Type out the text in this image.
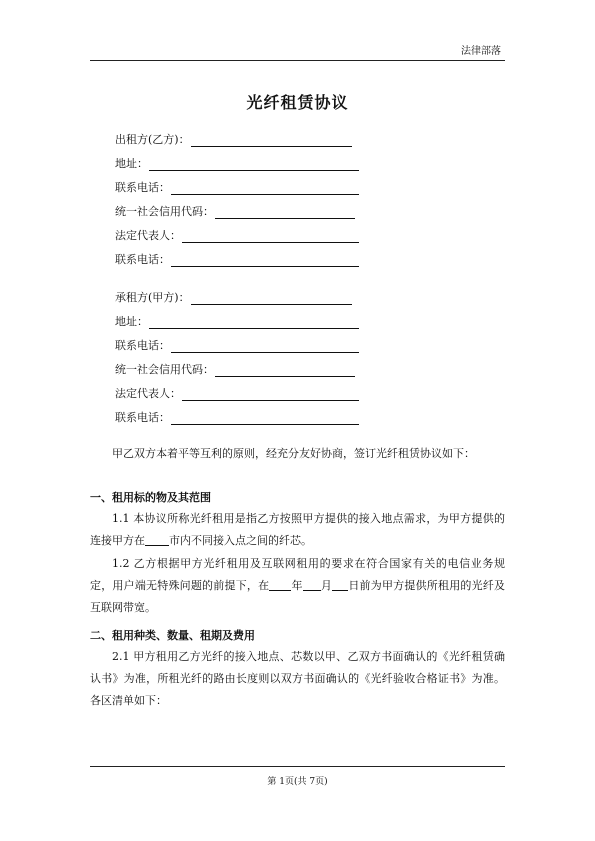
法律部落
光纤租赁协议
出租方(乙方)：
地址：
联系电话：
统一社会信用代码：
法定代表人：
联系电话：
承租方(甲方)：
地址：
联系电话：
统一社会信用代码：
法定代表人：
联系电话：
甲乙双方本着平等互利的原则，经充分友好协商，签订光纤租赁协议如下：
一、租用标的物及其范围
1.1 本协议所称光纤租用是指乙方按照甲方提供的接入地点需求，为甲方提供的连接甲方在 市内不同接入点之间的纤芯。
1.2 乙方根据甲方光纤租用及互联网租用的要求在符合国家有关的电信业务规定，用户端无特殊问题的前提下，在 年 月 日前为甲方提供所租用的光纤及互联网带宽。
二、租用种类、数量、租期及费用
2.1 甲方租用乙方光纤的接入地点、芯数以甲、乙双方书面确认的《光纤租赁确认书》为准，所租光纤的路由长度则以双方书面确认的《光纤验收合格证书》为准。各区清单如下：
第 1页(共 7页)
